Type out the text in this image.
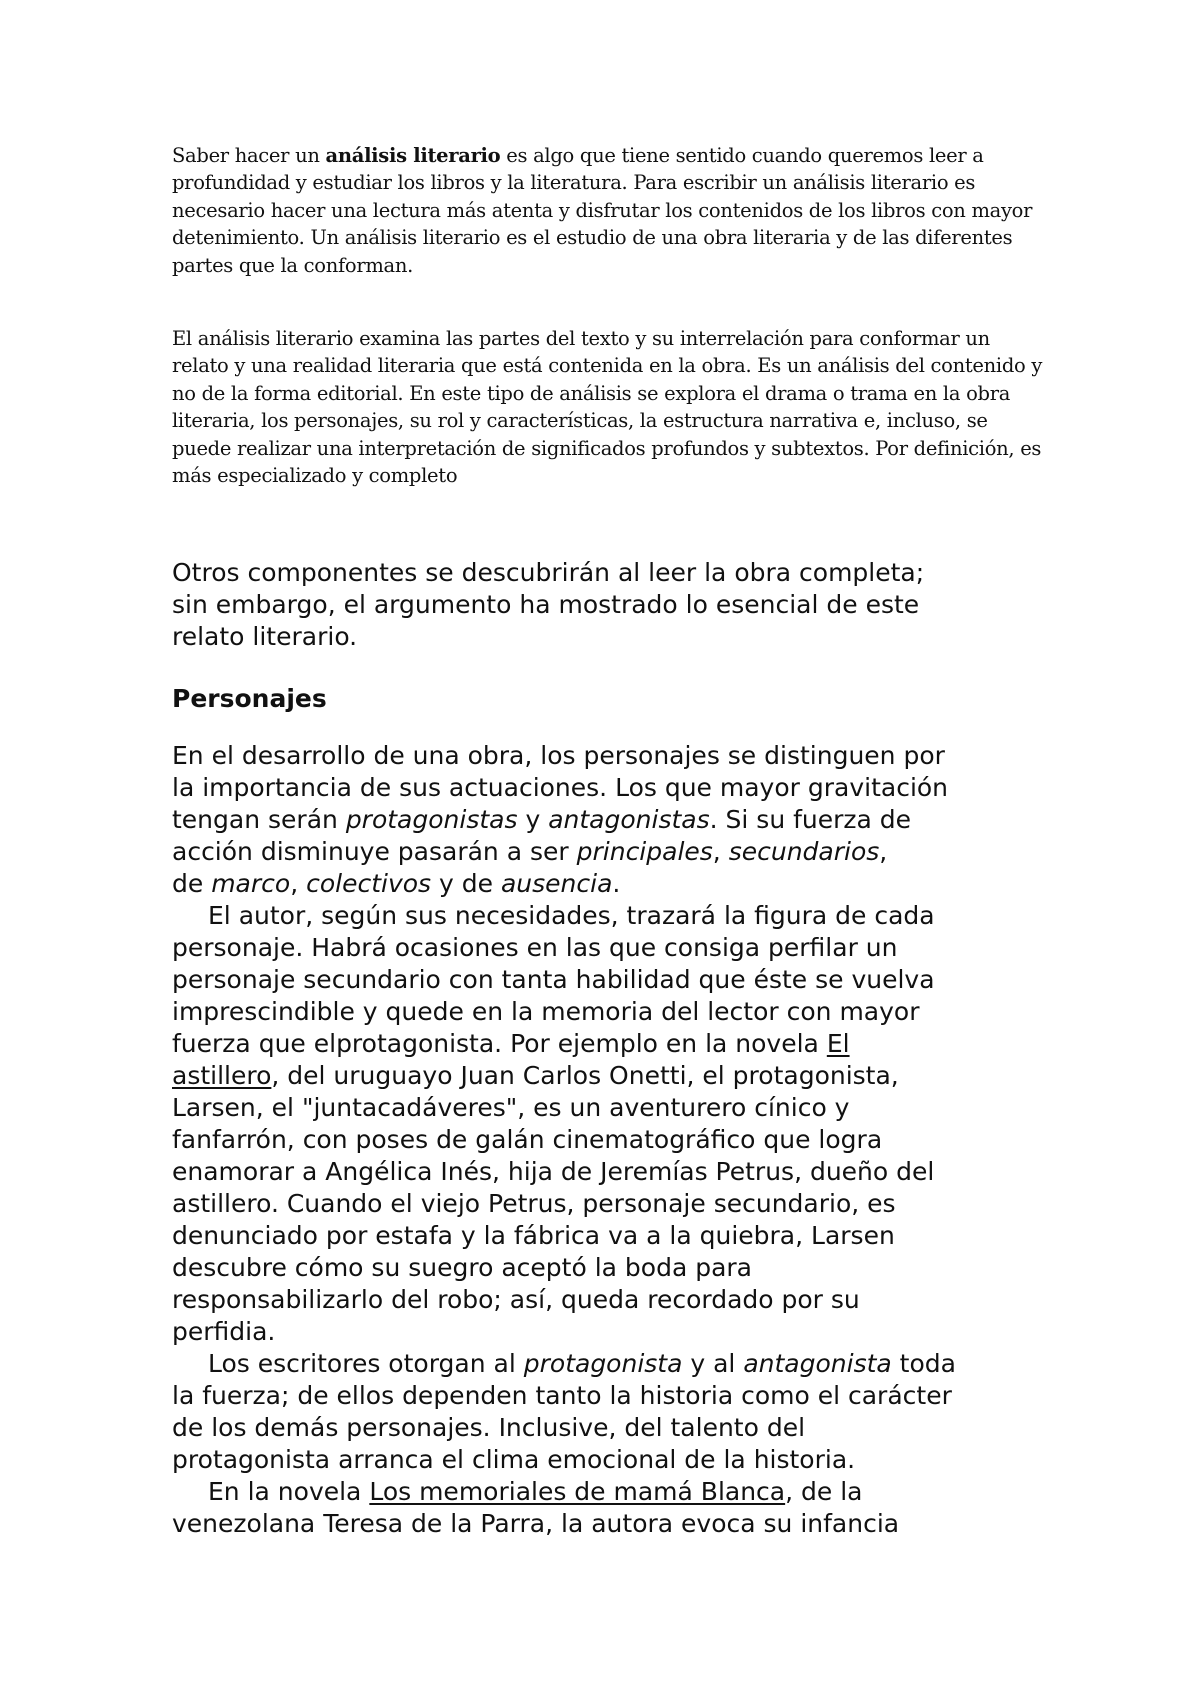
Saber hacer un análisis literario es algo que tiene sentido cuando queremos leer a profundidad y estudiar los libros y la literatura. Para escribir un análisis literario es necesario hacer una lectura más atenta y disfrutar los contenidos de los libros con mayor detenimiento. Un análisis literario es el estudio de una obra literaria y de las diferentes partes que la conforman.

El análisis literario examina las partes del texto y su interrelación para conformar un relato y una realidad literaria que está contenida en la obra. Es un análisis del contenido y no de la forma editorial. En este tipo de análisis se explora el drama o trama en la obra literaria, los personajes, su rol y características, la estructura narrativa e, incluso, se puede realizar una interpretación de significados profundos y subtextos. Por definición, es más especializado y completo

Otros componentes se descubrirán al leer la obra completa;
sin embargo, el argumento ha mostrado lo esencial de este
relato literario.
Personajes
En el desarrollo de una obra, los personajes se distinguen por
la importancia de sus actuaciones. Los que mayor gravitación
tengan serán protagonistas y antagonistas. Si su fuerza de
acción disminuye pasarán a ser principales, secundarios,
de marco, colectivos y de ausencia.
El autor, según sus necesidades, trazará la figura de cada
personaje. Habrá ocasiones en las que consiga perfilar un
personaje secundario con tanta habilidad que éste se vuelva
imprescindible y quede en la memoria del lector con mayor
fuerza que elprotagonista. Por ejemplo en la novela El
astillero, del uruguayo Juan Carlos Onetti, el protagonista,
Larsen, el "juntacadáveres", es un aventurero cínico y
fanfarrón, con poses de galán cinematográfico que logra
enamorar a Angélica Inés, hija de Jeremías Petrus, dueño del
astillero. Cuando el viejo Petrus, personaje secundario, es
denunciado por estafa y la fábrica va a la quiebra, Larsen
descubre cómo su suegro aceptó la boda para
responsabilizarlo del robo; así, queda recordado por su
perfidia.
Los escritores otorgan al protagonista y al antagonista toda
la fuerza; de ellos dependen tanto la historia como el carácter
de los demás personajes. Inclusive, del talento del
protagonista arranca el clima emocional de la historia.
En la novela Los memoriales de mamá Blanca, de la
venezolana Teresa de la Parra, la autora evoca su infancia
